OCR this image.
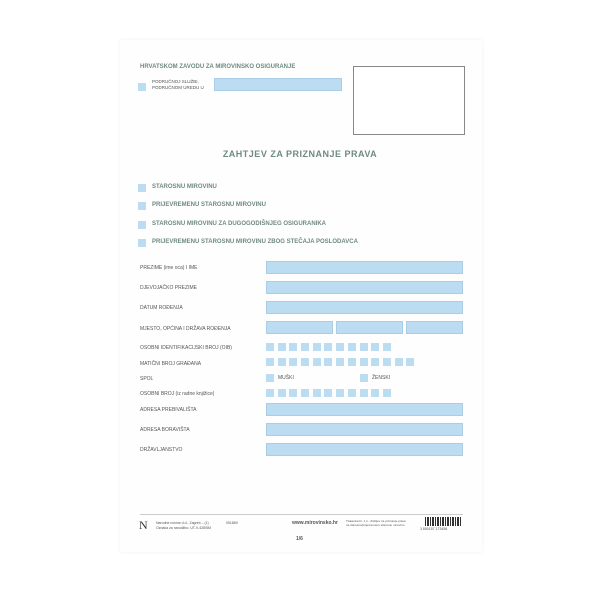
HRVATSKOM ZAVODU ZA MIROVINSKO OSIGURANJE
PODRUČNOJ SLUŽBI,
PODRUČNOM UREDU U
ZAHTJEV ZA PRIZNANJE PRAVA
STAROSNU MIROVINU
PRIJEVREMENU STAROSNU MIROVINU
STAROSNU MIROVINU ZA DUGOGODIŠNJEG OSIGURANIKA
PRIJEVREMENU STAROSNU MIROVINU ZBOG STEČAJA POSLODAVCA
PREZIME (ime oca) I IME
DJEVOJAČKO PREZIME
DATUM ROĐENJA
MJESTO, OPĆINA I DRŽAVA ROĐENJA
OSOBNI IDENTIFIKACIJSKI BROJ (OIB)
MATIČNI BROJ GRAĐANA
SPOL	MUŠKI	ŽENSKI
OSOBNI BROJ (iz radne knjižice)
ADRESA PREBIVALIŠTA
ADRESA BORAVIŠTA
DRŽAVLJANSTVO
N Narodne novine d.d., Zagreb – (1)	051869
Oznaka za narudžbu: UT-V-428/5M
www.mirovinsko.hr	Tiskanica br. 1.1 - Zahtjev za priznanje prava
na starosnu/prijevremenu starosnu mirovinu
3 850157 173456
1/6
